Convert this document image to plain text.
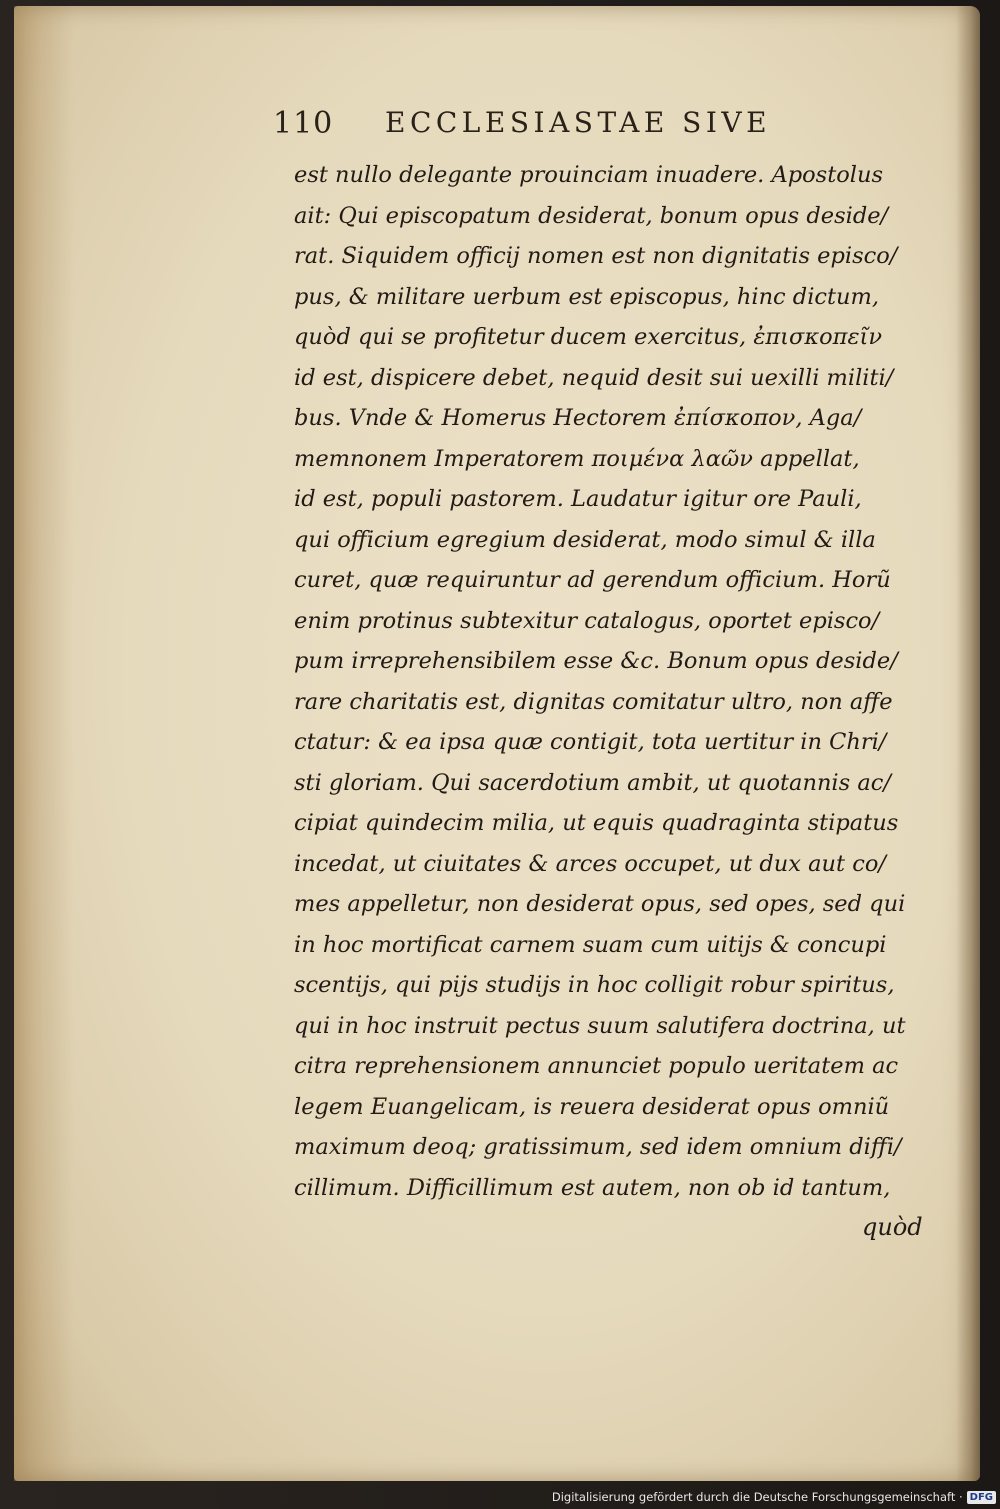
110 ECCLESIASTAE SIVE
est nullo delegante prouinciam inuadere. Apostolus
ait: Qui episcopatum desiderat, bonum opus deside/
rat. Siquidem officij nomen est non dignitatis episco/
pus, & militare uerbum est episcopus, hinc dictum,
quòd qui se profitetur ducem exercitus, ἐπισκοπεῖν
id est, dispicere debet, nequid desit sui uexilli militi/
bus. Vnde & Homerus Hectorem ἐπίσκοπον, Aga/
memnonem Imperatorem ποιμένα λαῶν appellat,
id est, populi pastorem. Laudatur igitur ore Pauli,
qui officium egregium desiderat, modo simul & illa
curet, quæ requiruntur ad gerendum officium. Horũ
enim protinus subtexitur catalogus, oportet episco/
pum irreprehensibilem esse &c. Bonum opus deside/
rare charitatis est, dignitas comitatur ultro, non affe
ctatur: & ea ipsa quæ contigit, tota uertitur in Chri/
sti gloriam. Qui sacerdotium ambit, ut quotannis ac/
cipiat quindecim milia, ut equis quadraginta stipatus
incedat, ut ciuitates & arces occupet, ut dux aut co/
mes appelletur, non desiderat opus, sed opes, sed qui
in hoc mortificat carnem suam cum uitijs & concupi
scentijs, qui pijs studijs in hoc colligit robur spiritus,
qui in hoc instruit pectus suum salutifera doctrina, ut
citra reprehensionem annunciet populo ueritatem ac
legem Euangelicam, is reuera desiderat opus omniũ
maximum deoq; gratissimum, sed idem omnium diffi/
cillimum. Difficillimum est autem, non ob id tantum,
quòd
Digitalisierung gefördert durch die Deutsche Forschungsgemeinschaft · DFG
